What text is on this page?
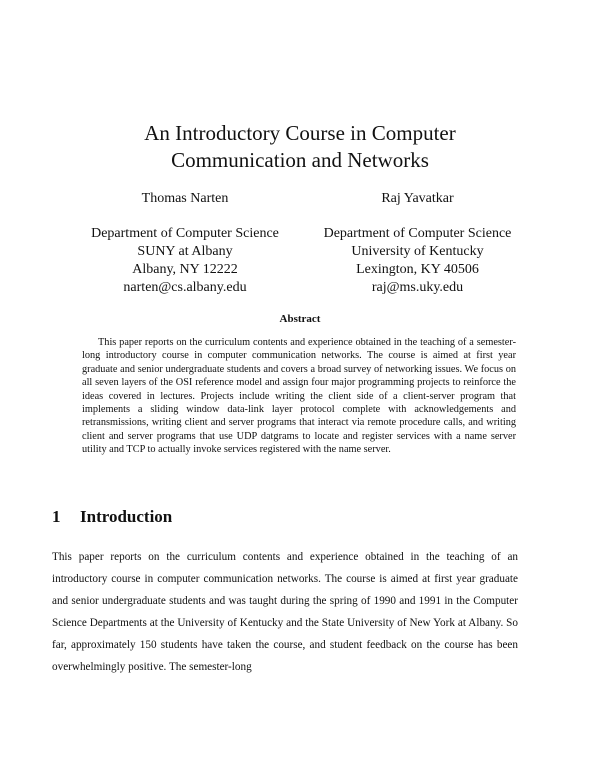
An Introductory Course in Computer
Communication and Networks
Thomas Narten
Department of Computer Science
SUNY at Albany
Albany, NY 12222
narten@cs.albany.edu
Raj Yavatkar
Department of Computer Science
University of Kentucky
Lexington, KY 40506
raj@ms.uky.edu
Abstract

This paper reports on the curriculum contents and experience obtained in the teaching of a semester-long introductory course in computer communication networks. The course is aimed at first year graduate and senior undergraduate students and covers a broad survey of networking issues. We focus on all seven layers of the OSI reference model and assign four major programming projects to reinforce the ideas covered in lectures. Projects include writing the client side of a client-server program that implements a sliding window data-link layer protocol complete with acknowledgements and retransmissions, writing client and server programs that interact via remote procedure calls, and writing client and server programs that use UDP datgrams to locate and register services with a name server utility and TCP to actually invoke services registered with the name server.

1 Introduction

This paper reports on the curriculum contents and experience obtained in the teaching of an introductory course in computer communication networks. The course is aimed at first year graduate and senior undergraduate students and was taught during the spring of 1990 and 1991 in the Computer Science Departments at the University of Kentucky and the State University of New York at Albany. So far, approximately 150 students have taken the course, and student feedback on the course has been overwhelmingly positive. The semester-long
